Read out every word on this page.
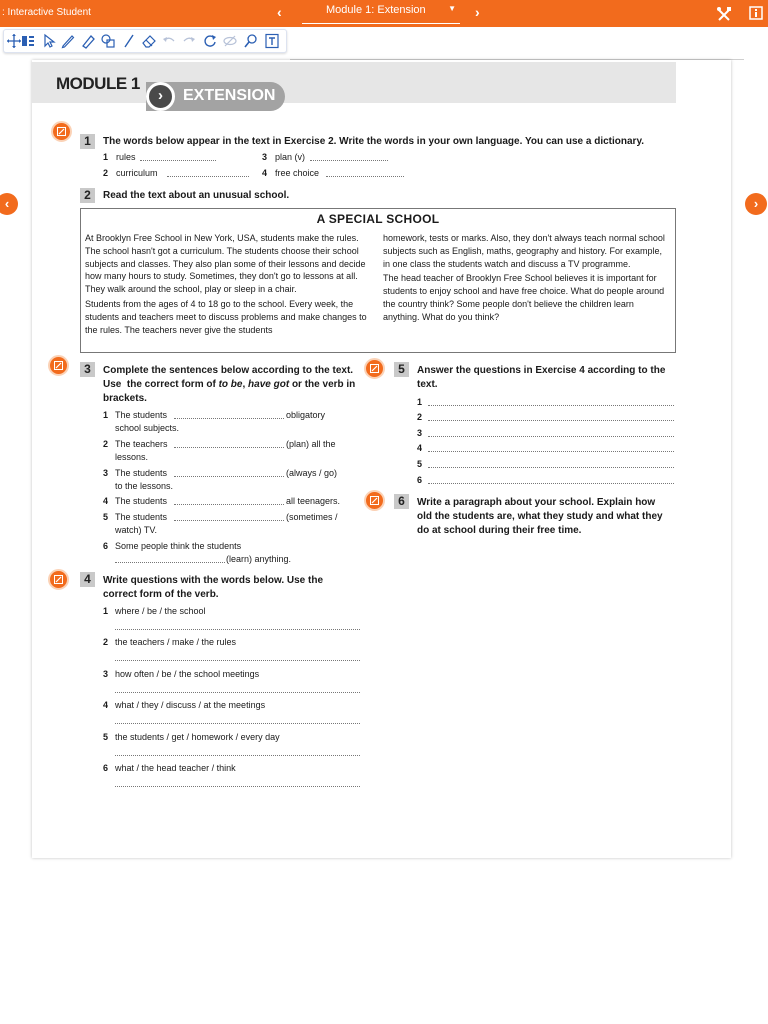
: Interactive Student	‹	Module 1: Extension	▼ ›
‹	›
MODULE 1
›	EXTENSION
1	The words below appear in the text in Exercise 2. Write the words in your own language. You can use a dictionary.
1 rules	3 plan (v)
2 curriculum	4 free choice
2	Read the text about an unusual school.
A SPECIAL SCHOOL

At Brooklyn Free School in New York, USA, students make the rules. The school hasn't got a curriculum. The students choose their school subjects and classes. They also plan some of their lessons and decide how many hours to study. Sometimes, they don't go to lessons at all. They walk around the school, play or sleep in a chair.

Students from the ages of 4 to 18 go to the school. Every week, the students and teachers meet to discuss problems and make changes to the rules. The teachers never give the students

homework, tests or marks. Also, they don't always teach normal school subjects such as English, maths, geography and history. For example, in one class the students watch and discuss a TV programme.

The head teacher of Brooklyn Free School believes it is important for students to enjoy school and have free choice. What do people around the country think? Some people don't believe the children learn anything. What do you think?

3	Complete the sentences below according to the text.
Use  the correct form of to be, have got or the verb in
brackets.
1 The students	obligatory
school subjects.
2 The teachers	(plan) all the
lessons.
3 The students	(always / go)
to the lessons.
4 The students	all teenagers.
5 The students	(sometimes /
watch) TV.
6 Some people think the students
(learn) anything.
4	Write questions with the words below. Use the
correct form of the verb.
1 where / be / the school
2 the teachers / make / the rules
3 how often / be / the school meetings
4 what / they / discuss / at the meetings
5 the students / get / homework / every day
6 what / the head teacher / think
5	Answer the questions in Exercise 4 according to the
text.
1
2
3
4
5
6
6	Write a paragraph about your school. Explain how
old the students are, what they study and what they
do at school during their free time.
